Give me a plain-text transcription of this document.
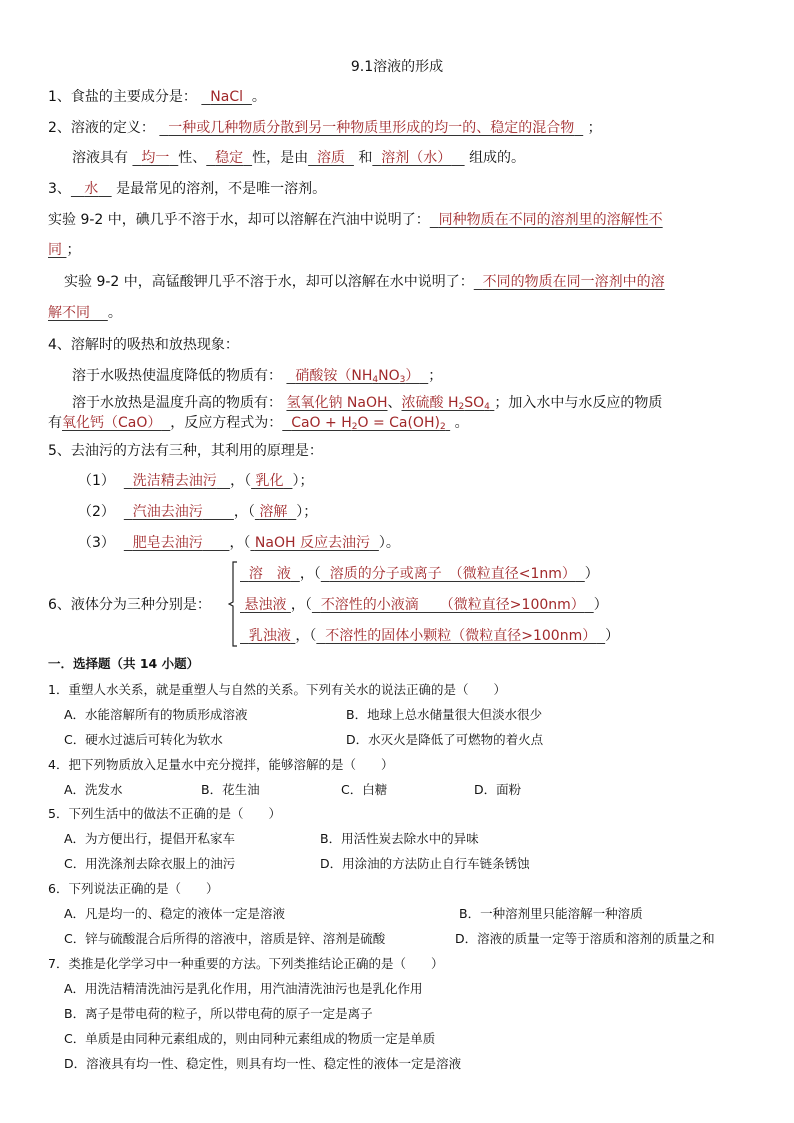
9.1溶液的形成
1、食盐的主要成分是： NaCl 。
2、溶液的定义： 一种或几种物质分散到另一种物质里形成的均一的、稳定的混合物 ；
溶液具有 均一 性、 稳定 性，是由 溶质 和 溶剂（水） 组成的。
3、 水 是最常见的溶剂，不是唯一溶剂。
实验 9-2 中，碘几乎不溶于水，却可以溶解在汽油中说明了： 同种物质在不同的溶剂里的溶解性不
同 ；
实验 9-2 中，高锰酸钾几乎不溶于水，却可以溶解在水中说明了： 不同的物质在同一溶剂中的溶
解不同 。
4、溶解时的吸热和放热现象：
溶于水吸热使温度降低的物质有： 硝酸铵$(NH_4NO_3)$ ；
溶于水放热是温度升高的物质有： 氢氧化钠 NaOH、浓硫酸 $H_2SO_4$ ；加入水中与水反应的物质
有氧化钙（CaO） ，反应方程式为： CaO + $H_2O = Ca(OH)_2$ 。
5、去油污的方法有三种，其利用的原理是：
（1） 洗洁精去油污 ，（ 乳化 ）；
（2） 汽油去油污 ，（ 溶解 ）；
（3） 肥皂去油污 ，（ NaOH 反应去油污 ）。
6、液体分为三种分别是：
溶　液 ，（ 溶质的分子或离子　（微粒直径<1nm） ）
悬浊液 ，（ 不溶性的小液滴　　（微粒直径>100nm） ）
乳浊液 ，（ 不溶性的固体小颗粒（微粒直径>100nm） ）
一．选择题（共 14 小题）
1．重塑人水关系，就是重塑人与自然的关系。下列有关水的说法正确的是（　　）
A．水能溶解所有的物质形成溶液	B．地球上总水储量很大但淡水很少
C．硬水过滤后可转化为软水	D．水灭火是降低了可燃物的着火点
4．把下列物质放入足量水中充分搅拌，能够溶解的是（　　）
A．洗发水	B．花生油	C．白糖	D．面粉
5．下列生活中的做法不正确的是（　　）
A．为方便出行，提倡开私家车	B．用活性炭去除水中的异味
C．用洗涤剂去除衣服上的油污	D．用涂油的方法防止自行车链条锈蚀
6．下列说法正确的是（　　）
A．凡是均一的、稳定的液体一定是溶液	B．一种溶剂里只能溶解一种溶质
C．锌与硫酸混合后所得的溶液中，溶质是锌、溶剂是硫酸	D．溶液的质量一定等于溶质和溶剂的质量之和
7．类推是化学学习中一种重要的方法。下列类推结论正确的是（　　）
A．用洗洁精清洗油污是乳化作用，用汽油清洗油污也是乳化作用
B．离子是带电荷的粒子，所以带电荷的原子一定是离子
C．单质是由同种元素组成的，则由同种元素组成的物质一定是单质
D．溶液具有均一性、稳定性，则具有均一性、稳定性的液体一定是溶液
